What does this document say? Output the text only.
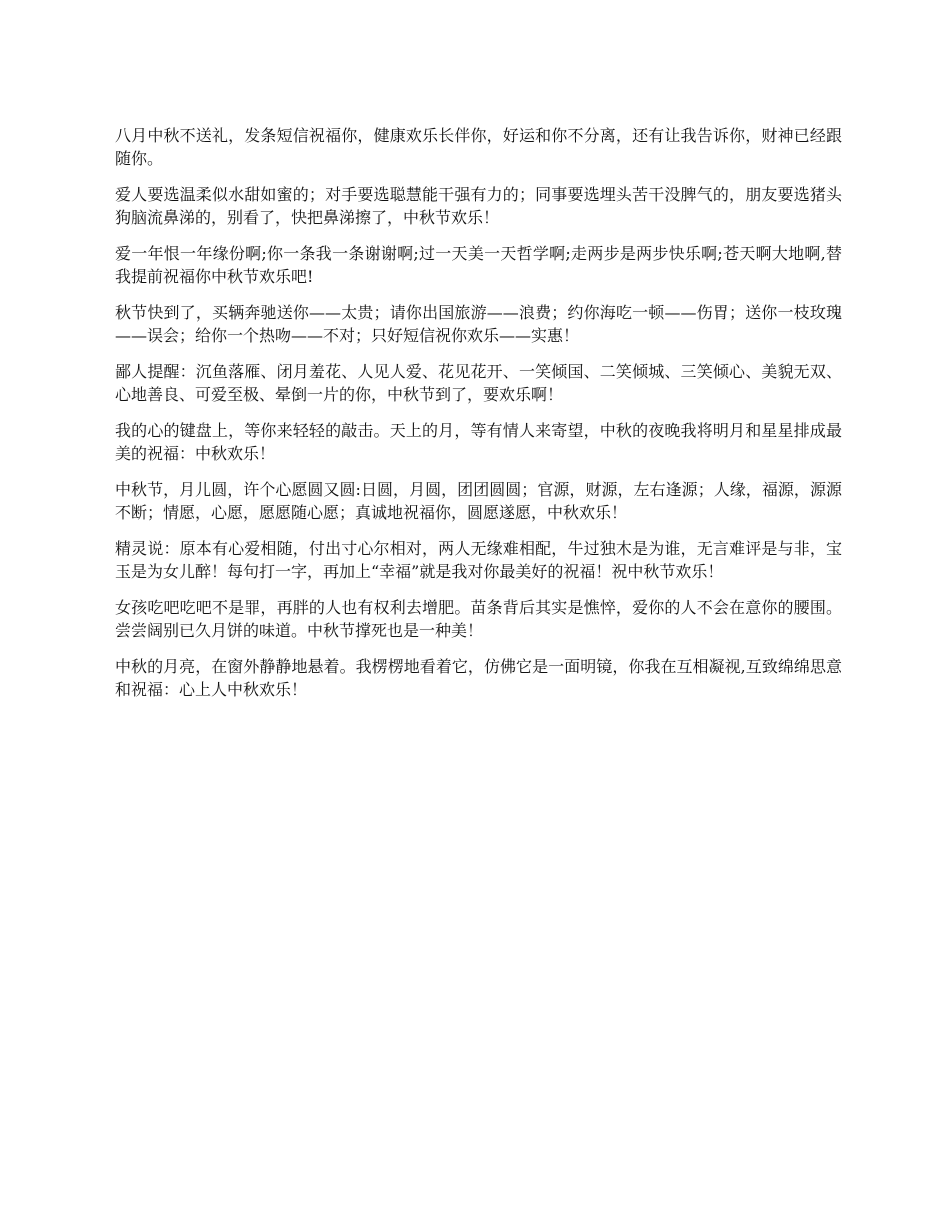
八月中秋不送礼，发条短信祝福你，健康欢乐长伴你，好运和你不分离，还有让我告诉你，财神已经跟随你。

爱人要选温柔似水甜如蜜的；对手要选聪慧能干强有力的；同事要选埋头苦干没脾气的，朋友要选猪头狗脑流鼻涕的，别看了，快把鼻涕擦了，中秋节欢乐！

爱一年恨一年缘份啊;你一条我一条谢谢啊;过一天美一天哲学啊;走两步是两步快乐啊;苍天啊大地啊,替我提前祝福你中秋节欢乐吧!

秋节快到了，买辆奔驰送你——太贵；请你出国旅游——浪费；约你海吃一顿——伤胃；送你一枝玫瑰——误会；给你一个热吻——不对；只好短信祝你欢乐——实惠！

鄙人提醒：沉鱼落雁、闭月羞花、人见人爱、花见花开、一笑倾国、二笑倾城、三笑倾心、美貌无双、心地善良、可爱至极、晕倒一片的你，中秋节到了，要欢乐啊！

我的心的键盘上，等你来轻轻的敲击。天上的月，等有情人来寄望，中秋的夜晚我将明月和星星排成最美的祝福：中秋欢乐！

中秋节，月儿圆，许个心愿圆又圆:日圆，月圆，团团圆圆；官源，财源，左右逢源；人缘，福源，源源不断；情愿，心愿，愿愿随心愿；真诚地祝福你，圆愿遂愿，中秋欢乐！

精灵说：原本有心爱相随，付出寸心尔相对，两人无缘难相配，牛过独木是为谁，无言难评是与非，宝玉是为女儿醉！每句打一字，再加上“幸福”就是我对你最美好的祝福！祝中秋节欢乐！

女孩吃吧吃吧不是罪，再胖的人也有权利去增肥。苗条背后其实是憔悴，爱你的人不会在意你的腰围。尝尝阔别已久月饼的味道。中秋节撑死也是一种美！

中秋的月亮，在窗外静静地悬着。我楞楞地看着它，仿佛它是一面明镜，你我在互相凝视,互致绵绵思意和祝福：心上人中秋欢乐！
